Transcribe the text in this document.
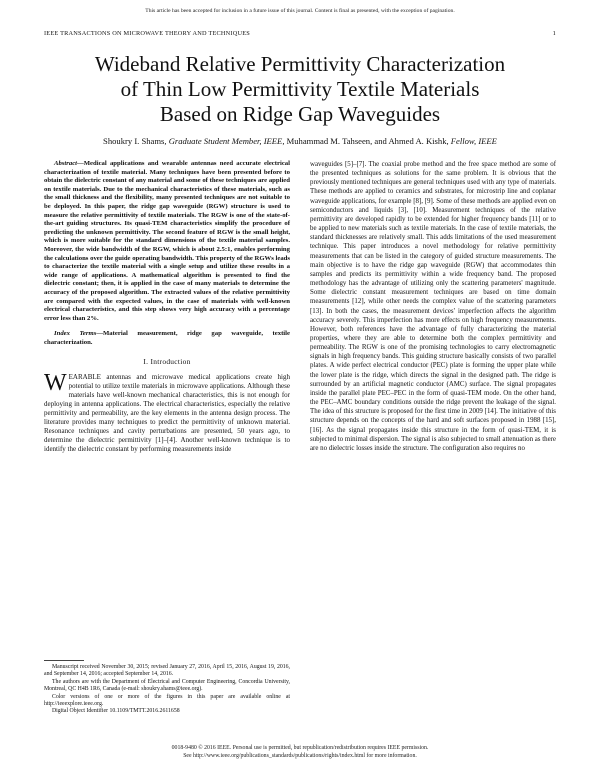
This article has been accepted for inclusion in a future issue of this journal. Content is final as presented, with the exception of pagination.
IEEE TRANSACTIONS ON MICROWAVE THEORY AND TECHNIQUES	1
Wideband Relative Permittivity Characterization
of Thin Low Permittivity Textile Materials
Based on Ridge Gap Waveguides
Shoukry I. Shams, Graduate Student Member, IEEE, Muhammad M. Tahseen, and Ahmed A. Kishk, Fellow, IEEE

Abstract—Medical applications and wearable antennas need accurate electrical characterization of textile material. Many techniques have been presented before to obtain the dielectric constant of any material and some of these techniques are applied on textile materials. Due to the mechanical characteristics of these materials, such as the small thickness and the flexibility, many presented techniques are not suitable to be deployed. In this paper, the ridge gap waveguide (RGW) structure is used to measure the relative permittivity of textile materials. The RGW is one of the state-of-the-art guiding structures. Its quasi-TEM characteristics simplify the procedure of predicting the unknown permittivity. The second feature of RGW is the small height, which is more suitable for the standard dimensions of the textile material samples. Moreover, the wide bandwidth of the RGW, which is about 2.5:1, enables performing the calculations over the guide operating bandwidth. This property of the RGWs leads to characterize the textile material with a single setup and utilize these results in a wide range of applications. A mathematical algorithm is presented to find the dielectric constant; then, it is applied in the case of many materials to determine the accuracy of the proposed algorithm. The extracted values of the relative permittivity are compared with the expected values, in the case of materials with well-known electrical characteristics, and this step shows very high accuracy with a percentage error less than 2%.

Index Terms—Material measurement, ridge gap waveguide, textile characterization.

I. Introduction

WEARABLE antennas and microwave medical applications create high potential to utilize textile materials in microwave applications. Although these materials have well-known mechanical characteristics, this is not enough for deploying in antenna applications. The electrical characteristics, especially the relative permittivity and permeability, are the key elements in the antenna design process. The literature provides many techniques to predict the permittivity of unknown material. Resonance techniques and cavity perturbations are presented, 50 years ago, to determine the dielectric permittivity [1]–[4]. Another well-known technique is to identify the dielectric constant by performing measurements inside

Manuscript received November 30, 2015; revised January 27, 2016, April 15, 2016, August 19, 2016, and September 14, 2016; accepted September 14, 2016.

The authors are with the Department of Electrical and Computer Engineering, Concordia University, Montreal, QC H4B 1R6, Canada (e-mail: shoukry.shams@ieee.org).

Color versions of one or more of the figures in this paper are available online at http://ieeexplore.ieee.org.

Digital Object Identifier 10.1109/TMTT.2016.2611658

waveguides [5]–[7]. The coaxial probe method and the free space method are some of the presented techniques as solutions for the same problem. It is obvious that the previously mentioned techniques are general techniques used with any type of materials. These methods are applied to ceramics and substrates, for microstrip line and coplanar waveguide applications, for example [8], [9]. Some of these methods are applied even on semiconductors and liquids [3], [10]. Measurement techniques of the relative permittivity are developed rapidly to be extended for higher frequency bands [11] or to be applied to new materials such as textile materials. In the case of textile materials, the standard thicknesses are relatively small. This adds limitations of the used measurement technique. This paper introduces a novel methodology for relative permittivity measurements that can be listed in the category of guided structure measurements. The main objective is to have the ridge gap waveguide (RGW) that accommodates thin samples and predicts its permittivity within a wide frequency band. The proposed methodology has the advantage of utilizing only the scattering parameters' magnitude. Some dielectric constant measurement techniques are based on time domain measurements [12], while other needs the complex value of the scattering parameters [13]. In both the cases, the measurement devices' imperfection affects the algorithm accuracy severely. This imperfection has more effects on high frequency measurements. However, both references have the advantage of fully characterizing the material properties, where they are able to determine both the complex permittivity and permeability. The RGW is one of the promising technologies to carry electromagnetic signals in high frequency bands. This guiding structure basically consists of two parallel plates. A wide perfect electrical conductor (PEC) plate is forming the upper plate while the lower plate is the ridge, which directs the signal in the designed path. The ridge is surrounded by an artificial magnetic conductor (AMC) surface. The signal propagates inside the parallel plate PEC–PEC in the form of quasi-TEM mode. On the other hand, the PEC–AMC boundary conditions outside the ridge prevent the leakage of the signal. The idea of this structure is proposed for the first time in 2009 [14]. The initiative of this structure depends on the concepts of the hard and soft surfaces proposed in 1988 [15], [16]. As the signal propagates inside this structure in the form of quasi-TEM, it is subjected to minimal dispersion. The signal is also subjected to small attenuation as there are no dielectric losses inside the structure. The configuration also requires no

0018-9480 © 2016 IEEE. Personal use is permitted, but republication/redistribution requires IEEE permission.
See http://www.ieee.org/publications_standards/publications/rights/index.html for more information.
